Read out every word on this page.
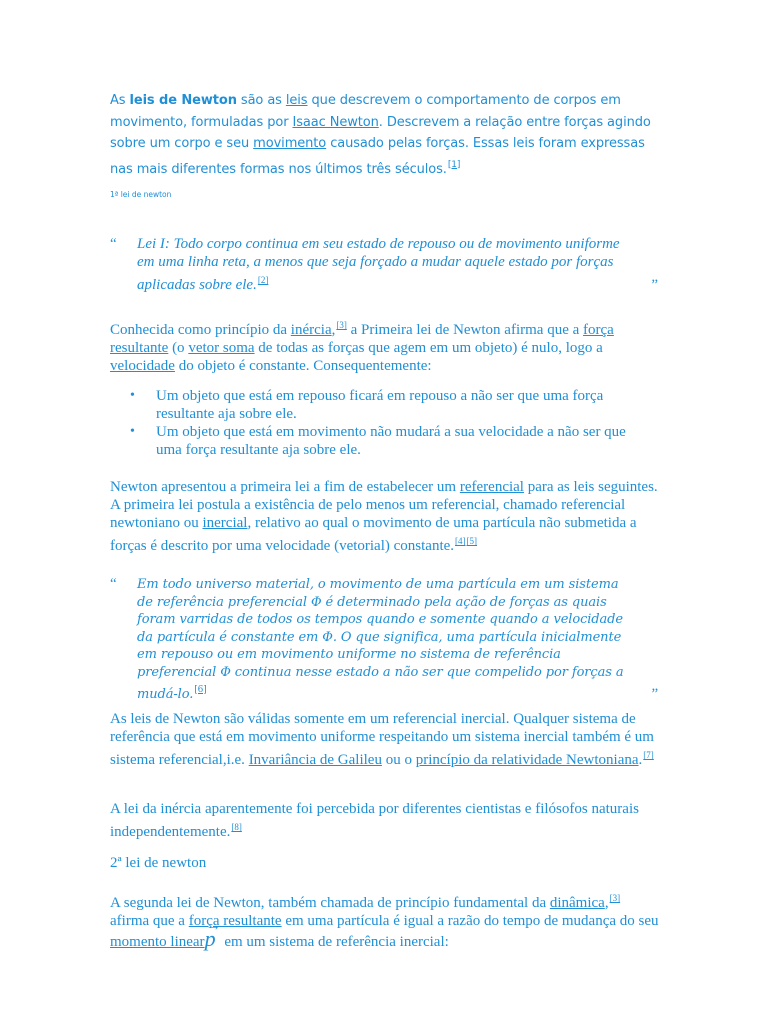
As leis de Newton são as leis que descrevem o comportamento de corpos em movimento, formuladas por Isaac Newton. Descrevem a relação entre forças agindo sobre um corpo e seu movimento causado pelas forças. Essas leis foram expressas nas mais diferentes formas nos últimos três séculos.[1]
1ª lei de newton
“ Lei I: Todo corpo continua em seu estado de repouso ou de movimento uniforme em uma linha reta, a menos que seja forçado a mudar aquele estado por forças aplicadas sobre ele.[2]	”
Conhecida como princípio da inércia,[3] a Primeira lei de Newton afirma que a força resultante (o vetor soma de todas as forças que agem em um objeto) é nulo, logo a velocidade do objeto é constante. Consequentemente:
• Um objeto que está em repouso ficará em repouso a não ser que uma força resultante aja sobre ele.
• Um objeto que está em movimento não mudará a sua velocidade a não ser que uma força resultante aja sobre ele.
Newton apresentou a primeira lei a fim de estabelecer um referencial para as leis seguintes. A primeira lei postula a existência de pelo menos um referencial, chamado referencial newtoniano ou inercial, relativo ao qual o movimento de uma partícula não submetida a forças é descrito por uma velocidade (vetorial) constante.[4][5]
“ Em todo universo material, o movimento de uma partícula em um sistema de referência preferencial Φ é determinado pela ação de forças as quais foram varridas de todos os tempos quando e somente quando a velocidade da partícula é constante em Φ. O que significa, uma partícula inicialmente em repouso ou em movimento uniforme no sistema de referência preferencial Φ continua nesse estado a não ser que compelido por forças a mudá-lo.[6]	”
As leis de Newton são válidas somente em um referencial inercial. Qualquer sistema de referência que está em movimento uniforme respeitando um sistema inercial também é um sistema referencial,i.e. Invariância de Galileu ou o princípio da relatividade Newtoniana.[7]
A lei da inércia aparentemente foi percebida por diferentes cientistas e filósofos naturais independentemente.[8]
2ª lei de newton
A segunda lei de Newton, também chamada de princípio fundamental da dinâmica,[3] afirma que a força resultante em uma partícula é igual a razão do tempo de mudança do seu momento linear→ p em um sistema de referência inercial:
